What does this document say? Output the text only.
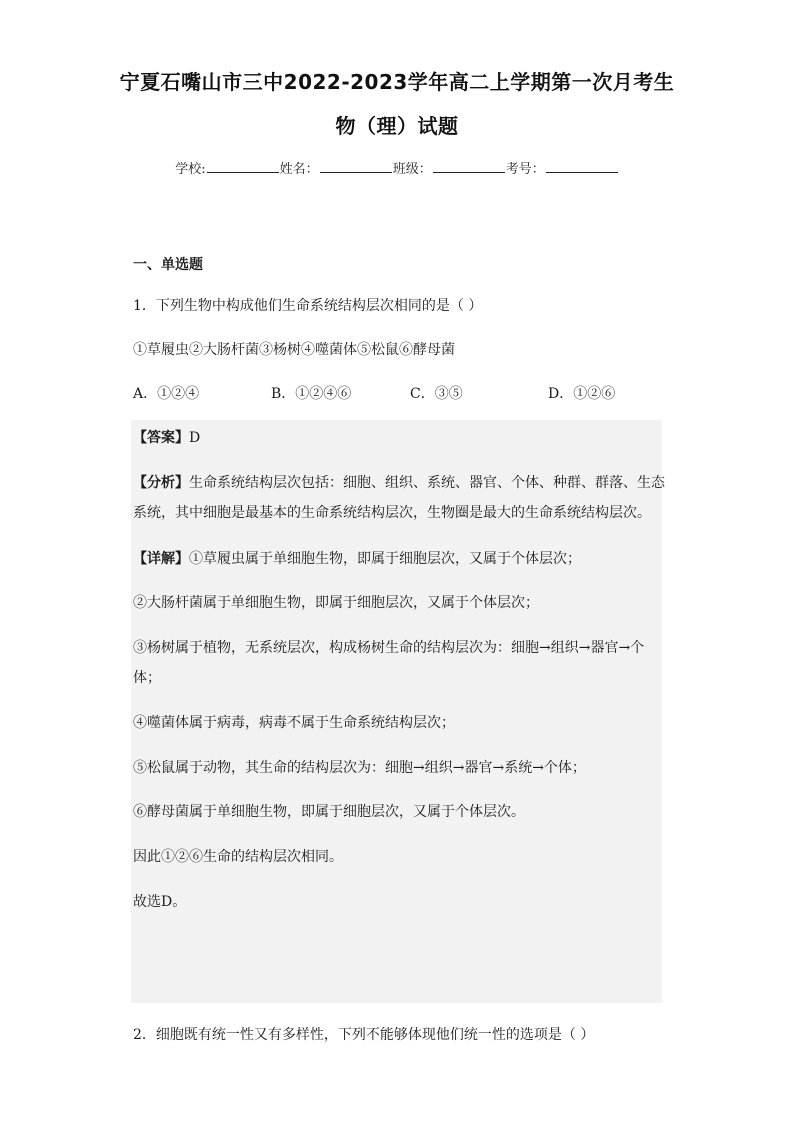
宁夏石嘴山市三中2022-2023学年高二上学期第一次月考生
物（理）试题
学校:	姓名：	班级：	考号：
一、单选题
1．下列生物中构成他们生命系统结构层次相同的是（ ）
①草履虫②大肠杆菌③杨树④噬菌体⑤松鼠⑥酵母菌
A．①②④	B．①②④⑥	C．③⑤	D．①②⑥
【答案】D
【分析】生命系统结构层次包括：细胞、组织、系统、器官、个体、种群、群落、生态
系统，其中细胞是最基本的生命系统结构层次，生物圈是最大的生命系统结构层次。
【详解】①草履虫属于单细胞生物，即属于细胞层次，又属于个体层次；
②大肠杆菌属于单细胞生物，即属于细胞层次，又属于个体层次；
③杨树属于植物，无系统层次，构成杨树生命的结构层次为：细胞→组织→器官→个
体；
④噬菌体属于病毒，病毒不属于生命系统结构层次；
⑤松鼠属于动物，其生命的结构层次为：细胞→组织→器官→系统→个体；
⑥酵母菌属于单细胞生物，即属于细胞层次，又属于个体层次。
因此①②⑥生命的结构层次相同。
故选D。
2．细胞既有统一性又有多样性，下列不能够体现他们统一性的选项是（ ）
